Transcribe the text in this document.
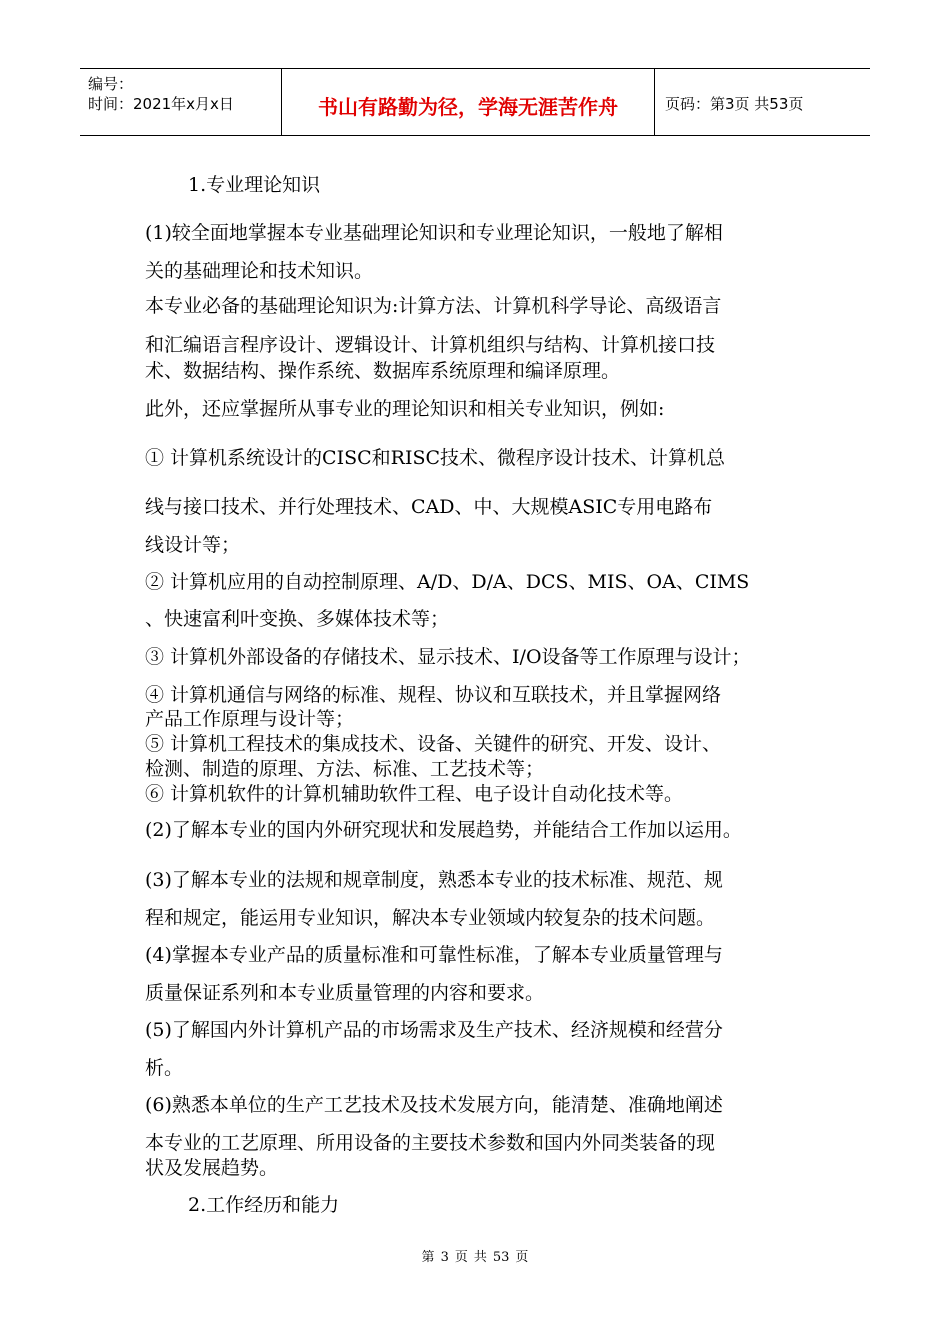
编号：
时间：2021年x月x日	书山有路勤为径，学海无涯苦作舟	页码：第3页 共53页
1.专业理论知识
(1)较全面地掌握本专业基础理论知识和专业理论知识，一般地了解相
关的基础理论和技术知识。
本专业必备的基础理论知识为:计算方法、计算机科学导论、高级语言
和汇编语言程序设计、逻辑设计、计算机组织与结构、计算机接口技
术、数据结构、操作系统、数据库系统原理和编译原理。
此外，还应掌握所从事专业的理论知识和相关专业知识，例如:
① 计算机系统设计的CISC和RISC技术、微程序设计技术、计算机总
线与接口技术、并行处理技术、CAD、中、大规模ASIC专用电路布
线设计等；
② 计算机应用的自动控制原理、A/D、D/A、DCS、MIS、OA、CIMS
、快速富利叶变换、多媒体技术等；
③ 计算机外部设备的存储技术、显示技术、I/O设备等工作原理与设计；
④ 计算机通信与网络的标准、规程、协议和互联技术，并且掌握网络
产品工作原理与设计等；
⑤ 计算机工程技术的集成技术、设备、关键件的研究、开发、设计、
检测、制造的原理、方法、标准、工艺技术等；
⑥ 计算机软件的计算机辅助软件工程、电子设计自动化技术等。
(2)了解本专业的国内外研究现状和发展趋势，并能结合工作加以运用。
(3)了解本专业的法规和规章制度，熟悉本专业的技术标准、规范、规
程和规定，能运用专业知识，解决本专业领域内较复杂的技术问题。
(4)掌握本专业产品的质量标准和可靠性标准，了解本专业质量管理与
质量保证系列和本专业质量管理的内容和要求。
(5)了解国内外计算机产品的市场需求及生产技术、经济规模和经营分
析。
(6)熟悉本单位的生产工艺技术及技术发展方向，能清楚、准确地阐述
本专业的工艺原理、所用设备的主要技术参数和国内外同类装备的现
状及发展趋势。
2.工作经历和能力
第 3 页 共 53 页
